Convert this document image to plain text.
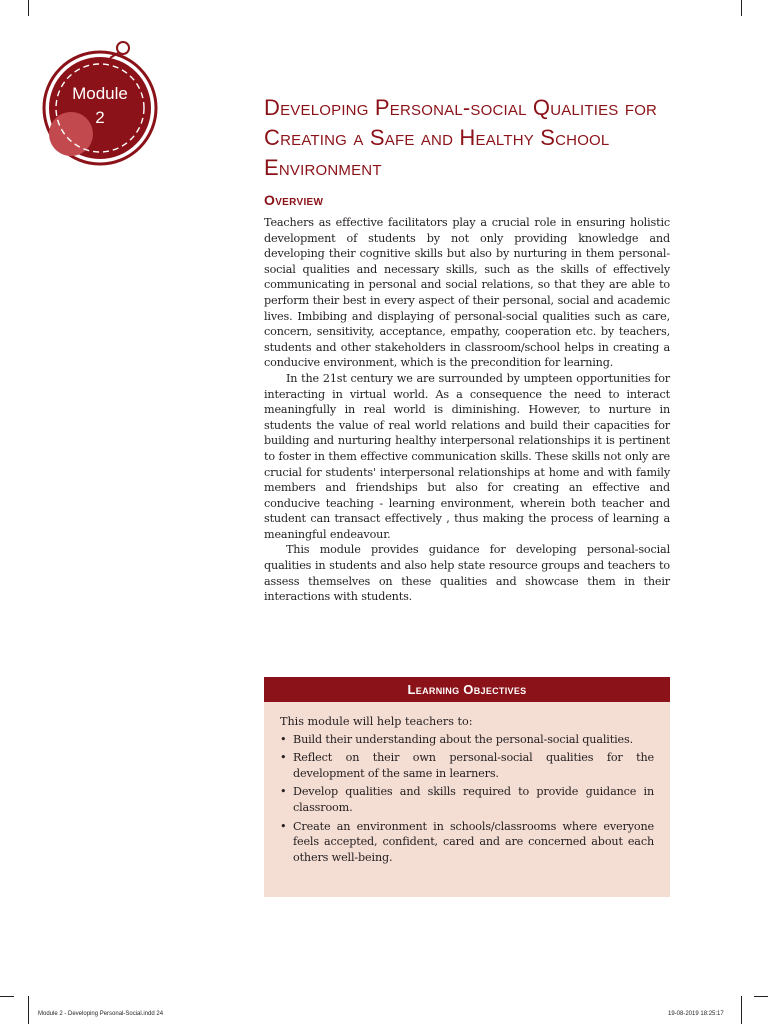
Module
2	Developing Personal-social Qualities for Creating a Safe and Healthy School Environment
Overview

Teachers as effective facilitators play a crucial role in ensuring holistic development of students by not only providing knowledge and developing their cognitive skills but also by nurturing in them personal-social qualities and necessary skills, such as the skills of effectively communicating in personal and social relations, so that they are able to perform their best in every aspect of their personal, social and academic lives. Imbibing and displaying of personal-social qualities such as care, concern, sensitivity, acceptance, empathy, cooperation etc. by teachers, students and other stakeholders in classroom/school helps in creating a conducive environment, which is the precondition for learning.

In the 21st century we are surrounded by umpteen opportunities for interacting in virtual world. As a consequence the need to interact meaningfully in real world is diminishing. However, to nurture in students the value of real world relations and build their capacities for building and nurturing healthy interpersonal relationships it is pertinent to foster in them effective communication skills. These skills not only are crucial for students' interpersonal relationships at home and with family members and friendships but also for creating an effective and conducive teaching - learning environment, wherein both teacher and student can transact effectively , thus making the process of learning a meaningful endeavour.

This module provides guidance for developing personal-social qualities in students and also help state resource groups and teachers to assess themselves on these qualities and showcase them in their interactions with students.

Learning Objectives
This module will help teachers to:
• Build their understanding about the personal-social qualities.
• Reflect on their own personal-social qualities for the development of the same in learners.
• Develop qualities and skills required to provide guidance in classroom.
• Create an environment in schools/classrooms where everyone feels accepted, confident, cared and are concerned about each others well-being.
Module 2 - Developing Personal-Social.indd 24	19-08-2019 18:25:17
